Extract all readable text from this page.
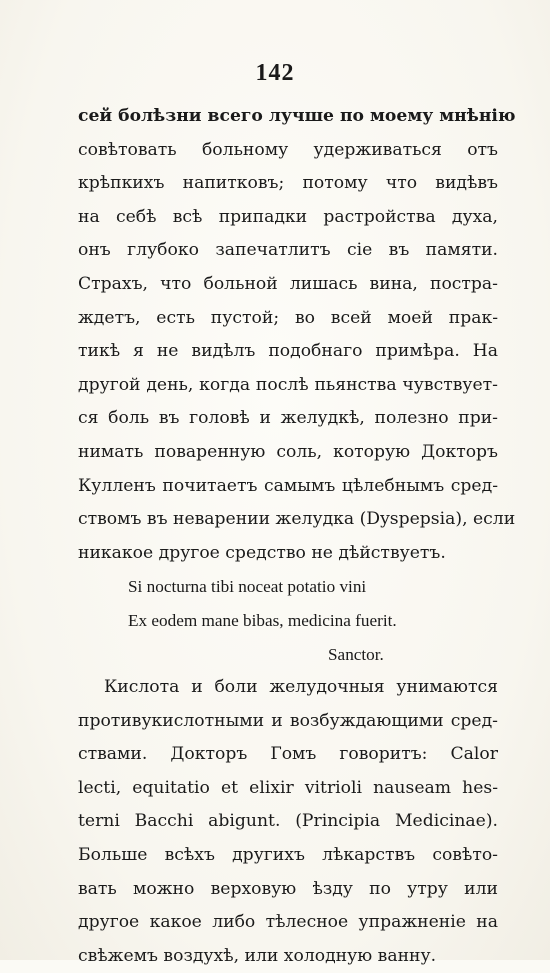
142
сей болѣзни всего лучше по моему мнѣнію
совѣтовать больному удерживаться отъ
крѣпкихъ напитковъ; потому что видѣвъ
на себѣ всѣ припадки растройства духа,
онъ глубоко запечатлитъ сіе въ памяти.
Страхъ, что больной лишась вина, постра-
ждетъ, есть пустой; во всей моей прак-
тикѣ я не видѣлъ подобнаго примѣра. На
другой день, когда послѣ пьянства чувствует-
ся боль въ головѣ и желудкѣ, полезно при-
нимать поваренную соль, которую Докторъ
Кулленъ почитаетъ самымъ цѣлебнымъ сред-
ствомъ въ неварении желудка (Dyspepsia), если
никакое другое средство не дѣйствуетъ.
Si nocturna tibi noceat potatio vini
Ex eodem mane bibas, medicina fuerit.
Sanctor.
Кислота и боли желудочныя унимаются
противукислотными и возбуждающими сред-
ствами. Докторъ Гомъ говоритъ: Calor
lecti, equitatio et elixir vitrioli nauseam hes-
terni Bacchi abigunt. (Principia Medicinae).
Больше всѣхъ другихъ лѣкарствъ совѣто-
вать можно верховую ѣзду по утру или
другое какое либо тѣлесное упражненіе на
свѣжемъ воздухѣ, или холодную ванну.
